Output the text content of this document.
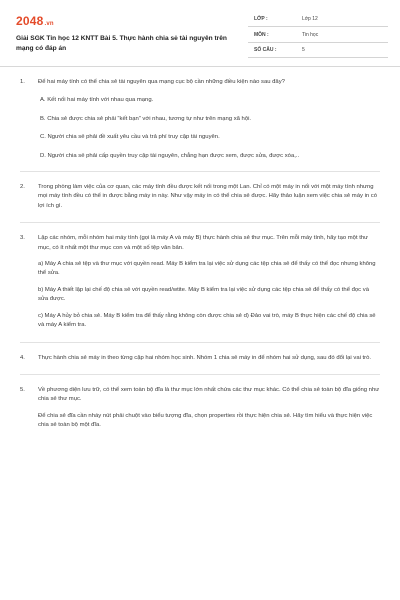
2048.vn
Giải SGK Tin học 12 KNTT Bài 5. Thực hành chia sẻ tài nguyên trên mạng có đáp án
LỚP :	Lớp 12
MÔN :	Tin học
SỐ CÂU :	5
1.	Để hai máy tính có thể chia sẻ tài nguyên qua mạng cục bộ cần những điều kiện nào sau đây?
A. Kết nối hai máy tính với nhau qua mạng.
B. Chia sẻ được chia sẻ phải “kết bạn” với nhau, tương tự như trên mạng xã hội.
C. Người chia sẻ phải đề xuất yêu cầu và trả phí truy cập tài nguyên.
D. Người chia sẻ phải cấp quyền truy cập tài nguyên, chẳng hạn được xem, được sửa, được xóa,..
2.	Trong phòng làm việc của cơ quan, các máy tính đều được kết nối trong một Lan. Chỉ có một máy in nối với một máy tính nhưng mọi máy tính đều có thể in được bằng máy in này. Như vậy máy in có thể chia sẻ được. Hãy thảo luận xem việc chia sẻ máy in có lợi ích gì.
3.	Lập các nhóm, mỗi nhóm hai máy tính (gọi là máy A và máy B) thực hành chia sẻ thư mục. Trên mỗi máy tính, hãy tạo một thư mục, có ít nhất một thư mục con và một số tệp văn bản.
a) Máy A chia sẻ tệp và thư mục với quyền read. Máy B kiểm tra lại việc sử dụng các tệp chia sẻ để thấy có thể đọc nhưng không thể sửa.
b) Máy A thiết lập lại chế độ chia sẻ với quyền read/wtite. Máy B kiểm tra lại việc sử dụng các tệp chia sẻ để thấy có thể đọc và sửa được.
c) Máy A hủy bỏ chia sẻ. Máy B kiểm tra để thấy rằng không còn được chia sẻ d) Đảo vai trò, máy B thực hiện các chế độ chia sẻ và máy A kiểm tra.
4.	Thực hành chia sẻ máy in theo từng cặp hai nhóm học sinh. Nhóm 1 chia sẻ máy in để nhóm hai sử dụng, sau đó đổi lại vai trò.
5.	Về phương diện lưu trữ, có thể xem toàn bộ đĩa là thư mục lớn nhất chứa các thư mục khác. Có thể chia sẻ toàn bộ đĩa giống như chia sẻ thư mục.
Để chia sẻ đĩa cần nháy nút phải chuột vào biểu tượng đĩa, chọn properties rồi thực hiện chia sẻ. Hãy tìm hiểu và thực hiện việc chia sẻ toàn bộ một đĩa.
